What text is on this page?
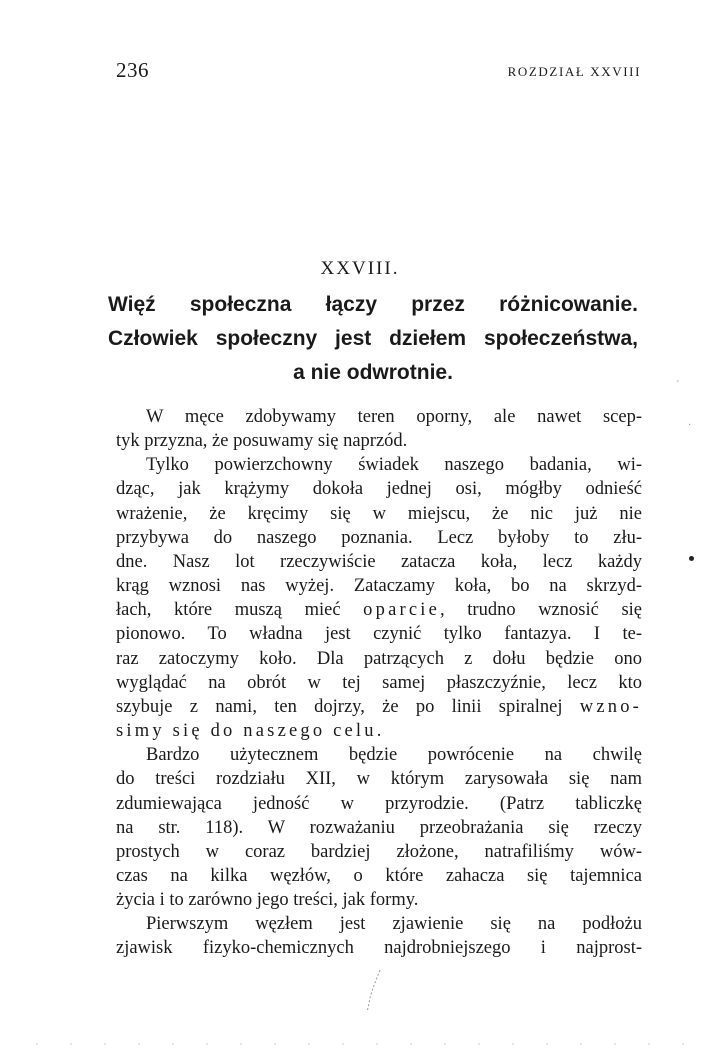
236	ROZDZIAŁ XXVIII
XXVIII.
Więź społeczna łączy przez różnicowanie.
Człowiek społeczny jest dziełem społeczeństwa,
a nie odwrotnie.
W męce zdobywamy teren oporny, ale nawet scep-
tyk przyzna, że posuwamy się naprzód.
Tylko powierzchowny świadek naszego badania, wi-
dząc, jak krążymy dokoła jednej osi, mógłby odnieść
wrażenie, że kręcimy się w miejscu, że nic już nie
przybywa do naszego poznania. Lecz byłoby to złu-
dne. Nasz lot rzeczywiście zatacza koła, lecz każdy
krąg wznosi nas wyżej. Zataczamy koła, bo na skrzyd-
łach, które muszą mieć oparcie, trudno wznosić się
pionowo. To władna jest czynić tylko fantazya. I te-
raz zatoczymy koło. Dla patrzących z dołu będzie ono
wyglądać na obrót w tej samej płaszczyźnie, lecz kto
szybuje z nami, ten dojrzy, że po linii spiralnej wzno-
simy się do naszego celu.
Bardzo użytecznem będzie powrócenie na chwilę
do treści rozdziału XII, w którym zarysowała się nam
zdumiewająca jedność w przyrodzie. (Patrz tabliczkę
na str. 118). W rozważaniu przeobrażania się rzeczy
prostych w coraz bardziej złożone, natrafiliśmy wów-
czas na kilka węzłów, o które zahacza się tajemnica
życia i to zarówno jego treści, jak formy.
Pierwszym węzłem jest zjawienie się na podłożu
zjawisk fizyko-chemicznych najdrobniejszego i najprost-
ˊ
·
